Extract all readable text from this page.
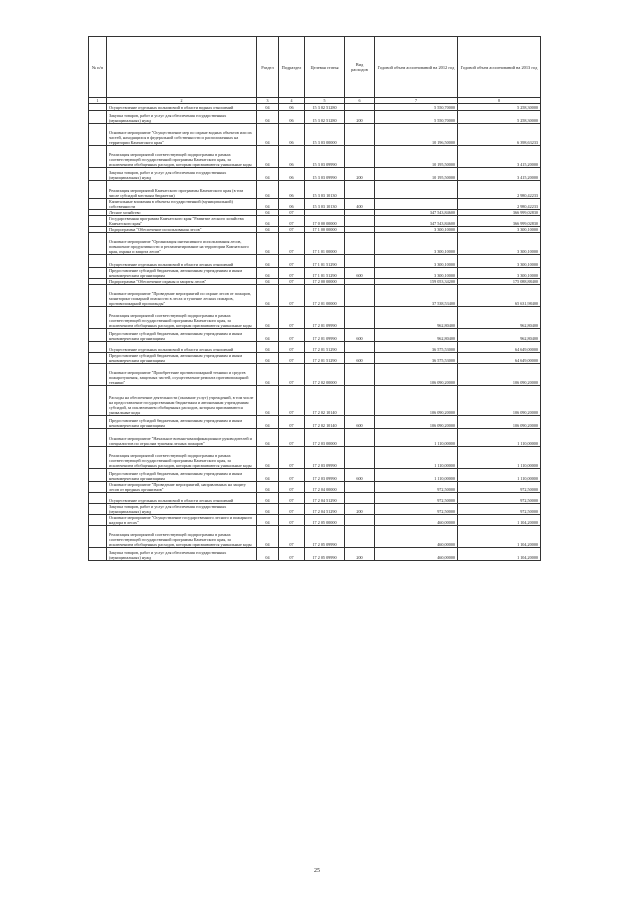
№ п/п		Раздел	Подраздел	Целевая статья	Вид расходов	Годовой объем ассигнований на 2012 год	Годовой объем ассигнований на 2013 год
1	2	3	4	5	6	7	8
	Осуществление отдельных полномочий в области водных отношений	04	06	15 3 02 51280		5 550,70000	5 258,30000
	Закупка товаров, работ и услуг для обеспечения государственных (муниципальных) нужд	04	06	15 3 02 51280	200	5 550,70000	5 258,30000
	Основное мероприятие "Осуществление мер по охране водных объектов или их частей, находящихся в федеральной собственности и расположенных на территории Камчатского края"	04	06	15 3 03 00000		10 196,50000	6 398,63233
	Реализация мероприятий соответствующей подпрограммы в рамках соответствующей государственной программы Камчатского края, за исключением обобщенных расходов, которым присваиваются уникальные коды	04	06	15 3 03 09990		10 195,50000	3 415,20000
	Закупка товаров, работ и услуг для обеспечения государственных (муниципальных) нужд	04	06	15 3 03 09990	200	10 195,50000	3 415,20000
	Реализация мероприятий Камчатского программы Камчатского края (в том числе субсидий местным бюджетам)	04	06	15 3 03 10130			2 980,42233
	Капитальные вложения в объекты государственной (муниципальной) собственности	04	06	15 3 03 10130	400		2 980,42233
	Лесное хозяйство	04	07			347 543,84600	366 999,02830
	Государственная программа Камчатского края "Развитие лесного хозяйства Камчатского края"	04	07	17 0 00 00000		347 543,84600	366 999,02830
	Подпрограмма "Обеспечение использования лесов"	04	07	17 1 00 00000		3 300,10000	3 300,10000
	Основное мероприятие "Организация интенсивного использования лесов, повышение продуктивности и регламентирование на территории Камчатского края, охрана и защита лесов"	04	07	17 1 01 00000		3 300,10000	3 300,10000
	Осуществление отдельных полномочий в области лесных отношений	04	07	17 1 01 51290		3 300,10000	3 300,10000
	Предоставление субсидий бюджетным, автономным учреждениям и иным некоммерческим организациям	04	07	17 1 01 51290	600	3 300,10000	3 300,10000
	Подпрограмма "Обеспечение охраны и защиты лесов"	04	07	17 2 00 00000		159 053,34200	175 088,88400
	Основное мероприятие "Проведение мероприятий по охране лесов от пожаров, мониторинг пожарной опасности в лесах и тушение лесных пожаров, противопожарной пропаганды"	04	07	17 2 01 00000		37 538,53400	65 631,98400
	Реализация мероприятий соответствующей подпрограммы в рамках соответствующей государственной программы Камчатского края, за исключением обобщенных расходов, которым присваиваются уникальные коды	04	07	17 2 01 09990		962,80400	962,80400
	Предоставление субсидий бюджетным, автономным учреждениям и иным некоммерческим организациям	04	07	17 2 01 09990	600	962,80400	962,80400
	Осуществление отдельных полномочий в области лесных отношений	04	07	17 2 01 51290		36 575,53000	64 649,00000
	Предоставление субсидий бюджетным, автономным учреждениям и иным некоммерческим организациям	04	07	17 2 01 51290	600	36 575,53000	64 649,00000
	Основное мероприятие "Приобретение противопожарной техники и средств пожаротушения, защитных частей, осуществление ремонта противопожарной техники"	04	07	17 2 02 00000		106 090,20000	106 090,20000
	Расходы на обеспечение деятельности (оказание услуг) учреждений, в том числе на предоставление государственным бюджетным и автономным учреждениям субсидий, за исключением обобщенных расходов, которым присваиваются уникальные коды	04	07	17 2 02 10140		106 090,20000	106 090,20000
	Предоставление субсидий бюджетным, автономным учреждениям и иным некоммерческим организациям	04	07	17 2 02 10140	600	106 090,20000	106 090,20000
	Основное мероприятие "Начальное военно-квалификационное руководителей и специалистов по отраслям тушения лесных пожаров"	04	07	17 2 03 00000		1 110,00000	1 110,00000
	Реализация мероприятий соответствующей подпрограммы в рамках соответствующей государственной программы Камчатского края, за исключением обобщенных расходов, которым присваиваются уникальные коды	04	07	17 2 03 09990		1 110,00000	1 110,00000
	Предоставление субсидий бюджетным, автономным учреждениям и иным некоммерческим организациям	04	07	17 2 03 09990	600	1 110,00000	1 110,00000
	Основное мероприятие "Проведение мероприятий, направленных на защиту лесов от вредных организмов"	04	07	17 2 04 00000		972,50000	972,50000
	Осуществление отдельных полномочий в области лесных отношений	04	07	17 2 04 51290		972,50000	972,50000
	Закупка товаров, работ и услуг для обеспечения государственных (муниципальных) нужд	04	07	17 2 04 51290	200	972,50000	972,50000
	Основное мероприятие "Осуществление государственного лесного и пожарного надзора в лесах"	04	07	17 2 05 00000		460,00000	1 104,20000
	Реализация мероприятий соответствующей подпрограммы в рамках соответствующей государственной программы Камчатского края, за исключением обобщенных расходов, которым присваиваются уникальные коды	04	07	17 2 05 09990		460,00000	1 104,20000
	Закупка товаров, работ и услуг для обеспечения государственных (муниципальных) нужд	04	07	17 2 05 09990	200	460,00000	1 104,20000
25
